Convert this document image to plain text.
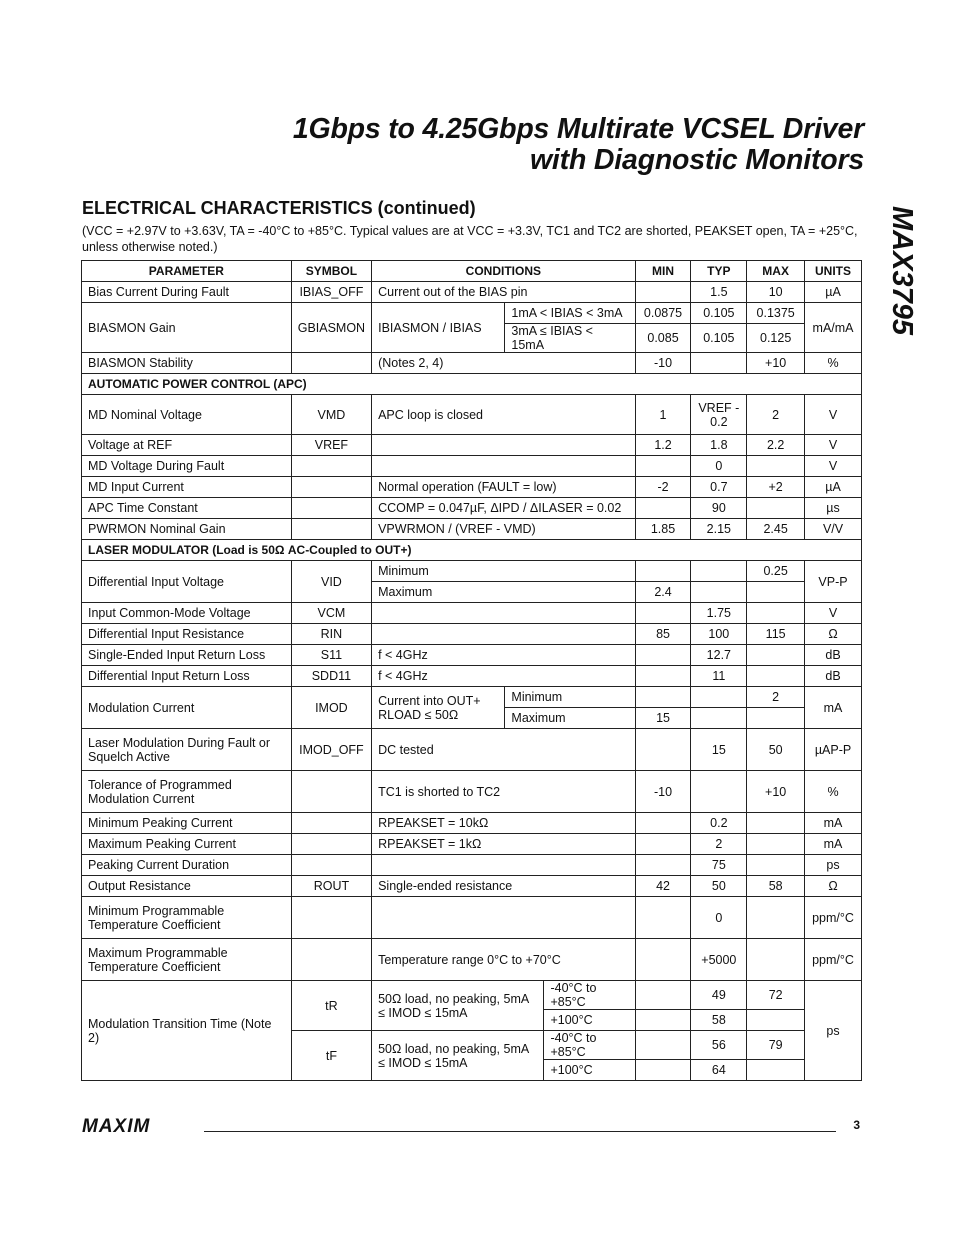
1Gbps to 4.25Gbps Multirate VCSEL Driver
with Diagnostic Monitors
MAX3795
ELECTRICAL CHARACTERISTICS (continued)
(VCC = +2.97V to +3.63V, TA = -40°C to +85°C. Typical values are at VCC = +3.3V, TC1 and TC2 are shorted, PEAKSET open, TA = +25°C, unless otherwise noted.)
PARAMETER	SYMBOL	CONDITIONS			MIN	TYP	MAX	UNITS
Bias Current During Fault	IBIAS_OFF	Current out of the BIAS pin				1.5	10	µA
BIASMON Gain	GBIASMON	IBIASMON / IBIAS	1mA < IBIAS < 3mA		0.0875	0.105	0.1375	mA/mA
			3mA ≤ IBIAS < 15mA		0.085	0.105	0.125	
BIASMON Stability		(Notes 2, 4)			-10		+10	%
AUTOMATIC POWER CONTROL (APC)								
MD Nominal Voltage	VMD	APC loop is closed			1	VREF - 0.2	2	V
Voltage at REF	VREF				1.2	1.8	2.2	V
MD Voltage During Fault						0		V
MD Input Current		Normal operation (FAULT = low)			-2	0.7	+2	µA
APC Time Constant		CCOMP = 0.047µF, ΔIPD / ΔILASER = 0.02				90		µs
PWRMON Nominal Gain		VPWRMON / (VREF - VMD)			1.85	2.15	2.45	V/V
LASER MODULATOR (Load is 50Ω AC-Coupled to OUT+)								
Differential Input Voltage	VID	Minimum					0.25	VP-P
		Maximum			2.4			
Input Common-Mode Voltage	VCM					1.75		V
Differential Input Resistance	RIN				85	100	115	Ω
Single-Ended Input Return Loss	S11	f < 4GHz				12.7		dB
Differential Input Return Loss	SDD11	f < 4GHz				11		dB
Modulation Current	IMOD	Current into OUT+ RLOAD ≤ 50Ω	Minimum				2	mA
			Maximum		15			
Laser Modulation During Fault or Squelch Active	IMOD_OFF	DC tested				15	50	µAP-P
Tolerance of Programmed Modulation Current		TC1 is shorted to TC2			-10		+10	%
Minimum Peaking Current		RPEAKSET = 10kΩ				0.2		mA
Maximum Peaking Current		RPEAKSET = 1kΩ				2		mA
Peaking Current Duration						75		ps
Output Resistance	ROUT	Single-ended resistance			42	50	58	Ω
Minimum Programmable Temperature Coefficient						0		ppm/°C
Maximum Programmable Temperature Coefficient		Temperature range 0°C to +70°C				+5000		ppm/°C
Modulation Transition Time (Note 2)	tR	50Ω load, no peaking, 5mA ≤ IMOD ≤ 15mA		-40°C to +85°C		49	72	ps
				+100°C		58		
	tF	50Ω load, no peaking, 5mA ≤ IMOD ≤ 15mA		-40°C to +85°C		56	79	
				+100°C		64		
MAXIM	3
